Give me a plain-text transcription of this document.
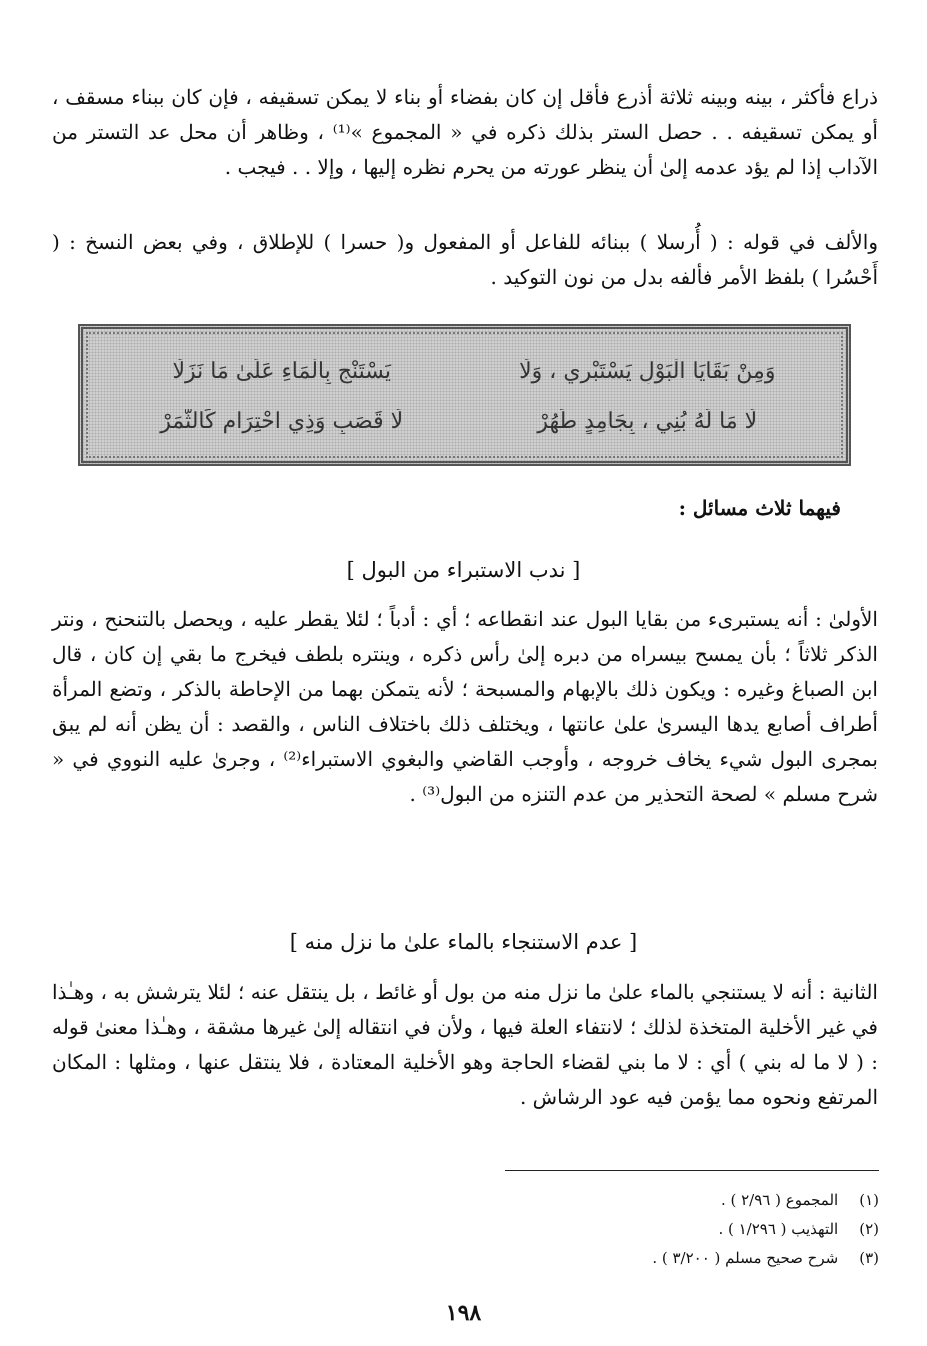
ذراع فأكثر ، بينه وبينه ثلاثة أذرع فأقل إن كان بفضاء أو بناء لا يمكن تسقيفه ، فإن كان ببناء مسقف ، أو يمكن تسقيفه . . حصل الستر بذلك ذكره في « المجموع »⁽¹⁾ ، وظاهر أن محل عد التستر من الآداب إذا لم يؤد عدمه إلىٰ أن ينظر عورته من يحرم نظره إليها ، وإلا . . فيجب .

والألف في قوله : ( أُرسلا ) ببنائه للفاعل أو المفعول و( حسرا ) للإطلاق ، وفي بعض النسخ : ( أَحْسُرا ) بلفظ الأمر فألفه بدل من نون التوكيد .

وَمِنْ بَقَايَا الْبَوْلِ يَسْتَبْرِي ، وَلَا
يَسْتَنْجِ بِالْمَاءِ عَلَىٰ مَا نَزَلَا
لَا مَا لَهُ بُنِي ، بِجَامِدٍ طَهُرْ
لَا قَصَبٍ وَذِي احْتِرَامٍ كَالثَّمَرْ
فيهما ثلاث مسائل :
[ ندب الاستبراء من البول ]

الأولىٰ : أنه يستبرىء من بقايا البول عند انقطاعه ؛ أي : أدباً ؛ لئلا يقطر عليه ، ويحصل بالتنحنح ، ونتر الذكر ثلاثاً ؛ بأن يمسح بيسراه من دبره إلىٰ رأس ذكره ، وينتره بلطف فيخرج ما بقي إن كان ، قال ابن الصباغ وغيره : ويكون ذلك بالإبهام والمسبحة ؛ لأنه يتمكن بهما من الإحاطة بالذكر ، وتضع المرأة أطراف أصابع يدها اليسرىٰ علىٰ عانتها ، ويختلف ذلك باختلاف الناس ، والقصد : أن يظن أنه لم يبق بمجرى البول شيء يخاف خروجه ، وأوجب القاضي والبغوي الاستبراء⁽²⁾ ، وجرىٰ عليه النووي في « شرح مسلم » لصحة التحذير من عدم التنزه من البول⁽³⁾ .

[ عدم الاستنجاء بالماء علىٰ ما نزل منه ]

الثانية : أنه لا يستنجي بالماء علىٰ ما نزل منه من بول أو غائط ، بل ينتقل عنه ؛ لئلا يترشش به ، وهـٰذا في غير الأخلية المتخذة لذلك ؛ لانتفاء العلة فيها ، ولأن في انتقاله إلىٰ غيرها مشقة ، وهـٰذا معنىٰ قوله : ( لا ما له بني ) أي : لا ما بني لقضاء الحاجة وهو الأخلية المعتادة ، فلا ينتقل عنها ، ومثلها : المكان المرتفع ونحوه مما يؤمن فيه عود الرشاش .

(١) المجموع ( ٢/٩٦ ) .
(٢) التهذيب ( ١/٢٩٦ ) .
(٣) شرح صحيح مسلم ( ٣/٢٠٠ ) .
١٩٨
